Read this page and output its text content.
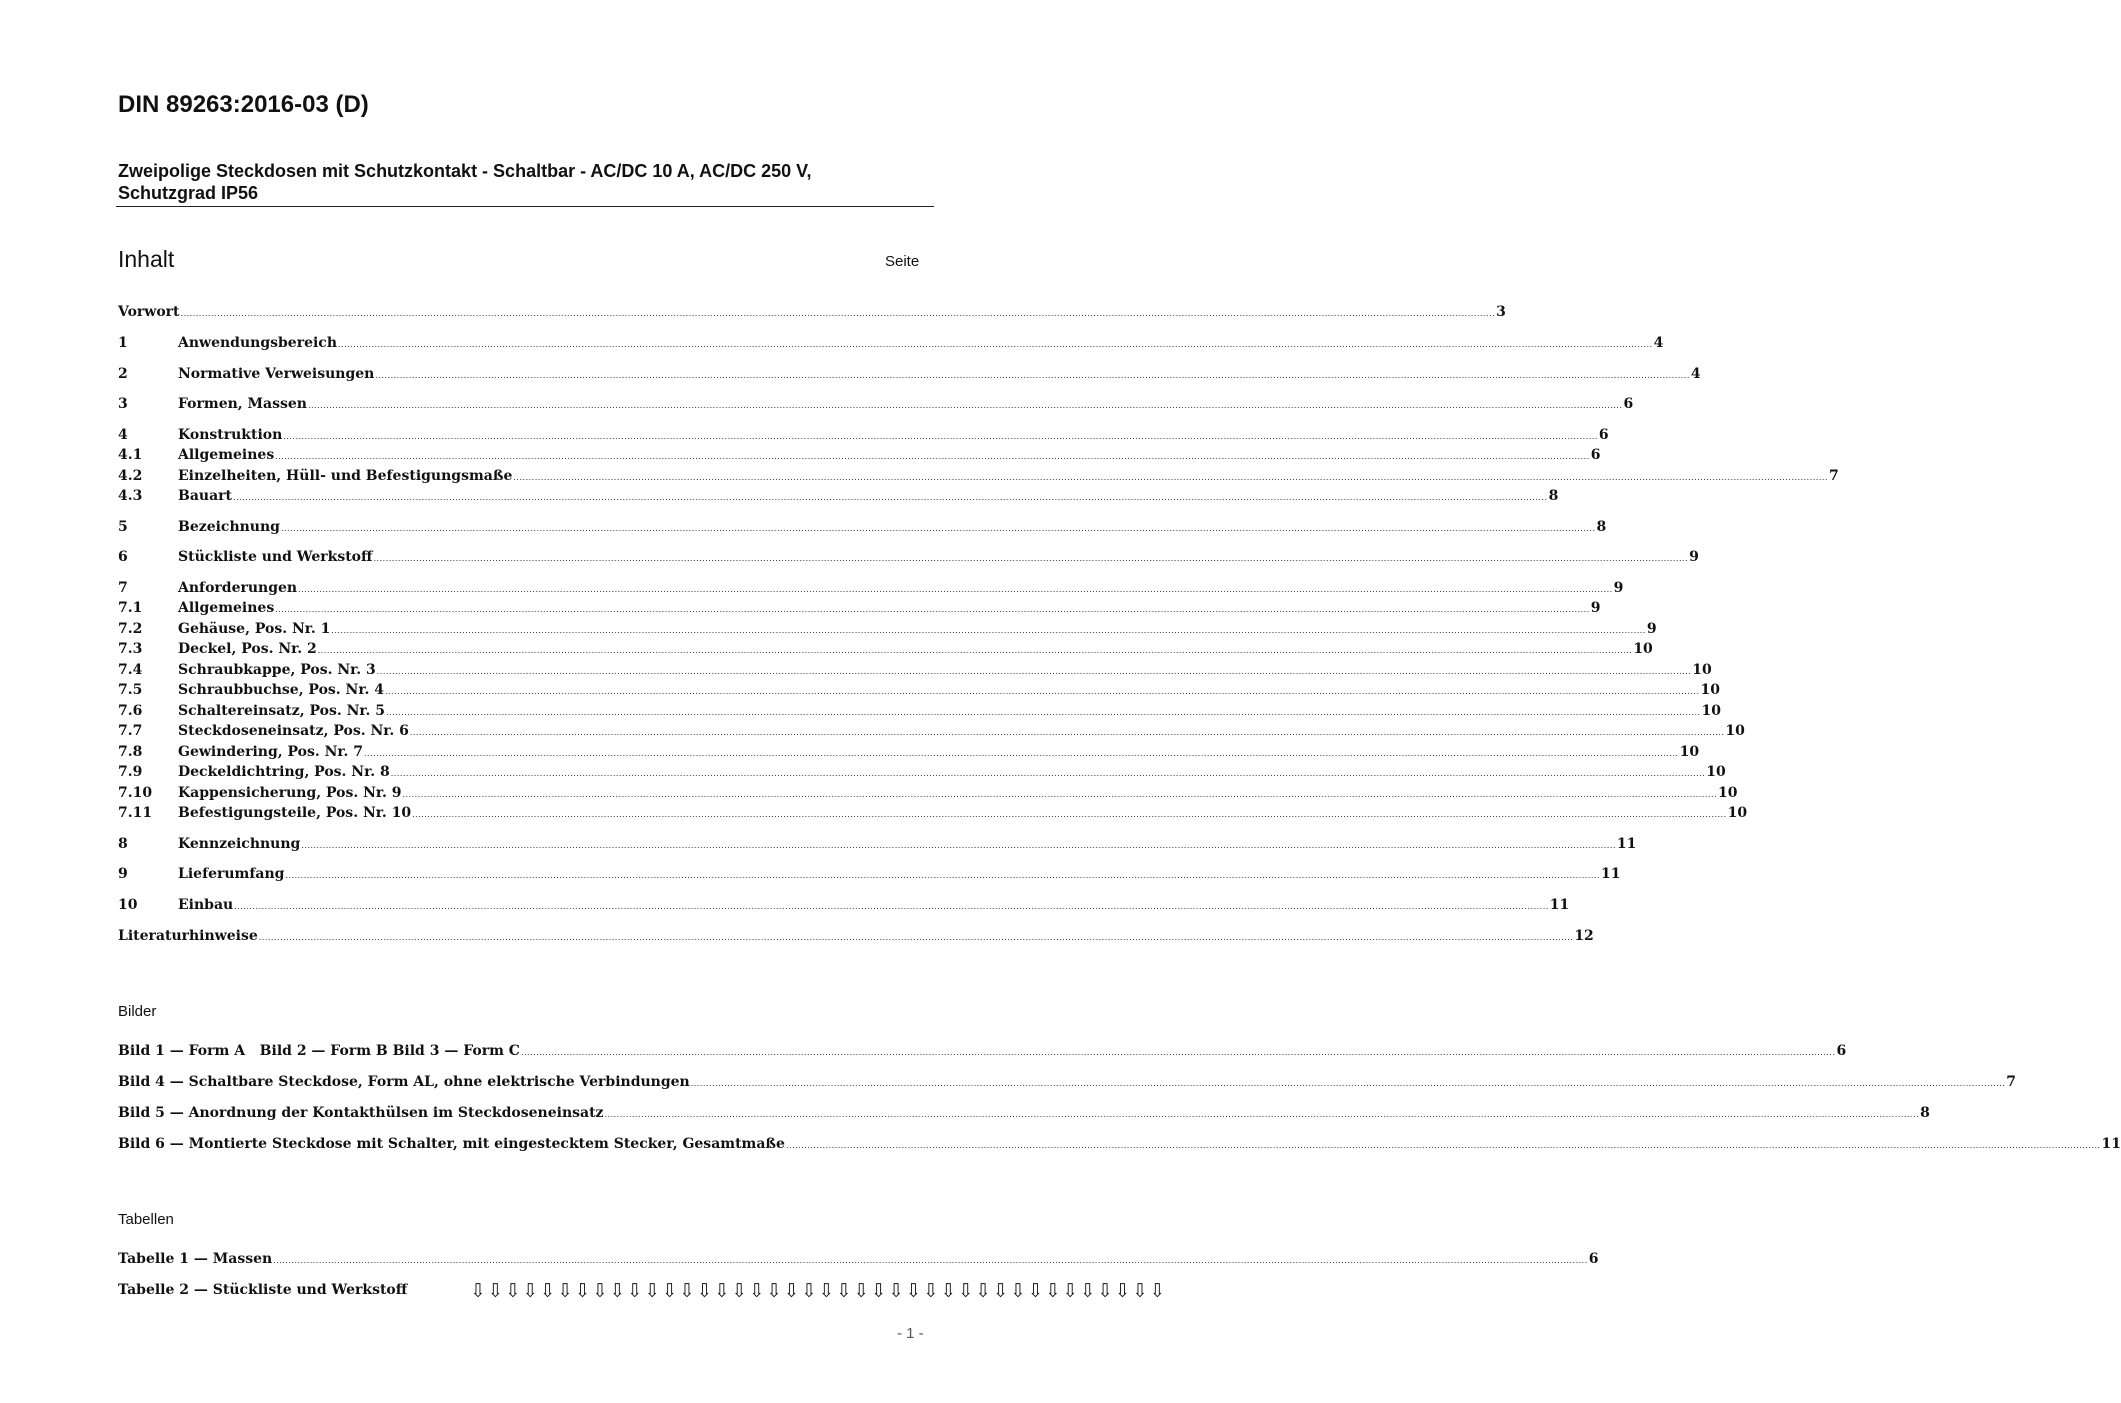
DIN 89263:2016-03 (D)
Zweipolige Steckdosen mit Schutzkontakt - Schaltbar - AC/DC 10 A, AC/DC 250 V,
Schutzgrad IP56
Inhalt	Seite
Vorwort .....	3
1	Anwendungsbereich .....	4
2	Normative Verweisungen .....	4
3	Formen, Massen .....	6
4	Konstruktion .....	6
4.1	Allgemeines .....	6
4.2	Einzelheiten, Hüll- und Befestigungsmaße .....	7
4.3	Bauart .....	8
5	Bezeichnung .....	8
6	Stückliste und Werkstoff .....	9
7	Anforderungen .....	9
7.1	Allgemeines .....	9
7.2	Gehäuse, Pos. Nr. 1 .....	9
7.3	Deckel, Pos. Nr. 2 .....	10
7.4	Schraubkappe, Pos. Nr. 3 .....	10
7.5	Schraubbuchse, Pos. Nr. 4 .....	10
7.6	Schaltereinsatz, Pos. Nr. 5 .....	10
7.7	Steckdoseneinsatz, Pos. Nr. 6 .....	10
7.8	Gewindering, Pos. Nr. 7 .....	10
7.9	Deckeldichtring, Pos. Nr. 8 .....	10
7.10	Kappensicherung, Pos. Nr. 9 .....	10
7.11	Befestigungsteile, Pos. Nr. 10 .....	10
8	Kennzeichnung .....	11
9	Lieferumfang .....	11
10	Einbau .....	11
Literaturhinweise .....	12
Bilder
Bild 1 — Form A   Bild 2 — Form B Bild 3 — Form C .....	6
Bild 4 — Schaltbare Steckdose, Form AL, ohne elektrische Verbindungen .....	7
Bild 5 — Anordnung der Kontakthülsen im Steckdoseneinsatz .....	8
Bild 6 — Montierte Steckdose mit Schalter, mit eingestecktem Stecker, Gesamtmaße .....	11
Tabellen
Tabelle 1 — Massen .....	6
Tabelle 2 — Stückliste und Werkstoff	⇩⇩⇩⇩⇩⇩⇩⇩⇩⇩⇩⇩⇩⇩⇩⇩⇩⇩⇩⇩⇩⇩⇩⇩⇩⇩⇩⇩⇩⇩⇩⇩⇩⇩⇩⇩⇩⇩⇩⇩
- 1 -
